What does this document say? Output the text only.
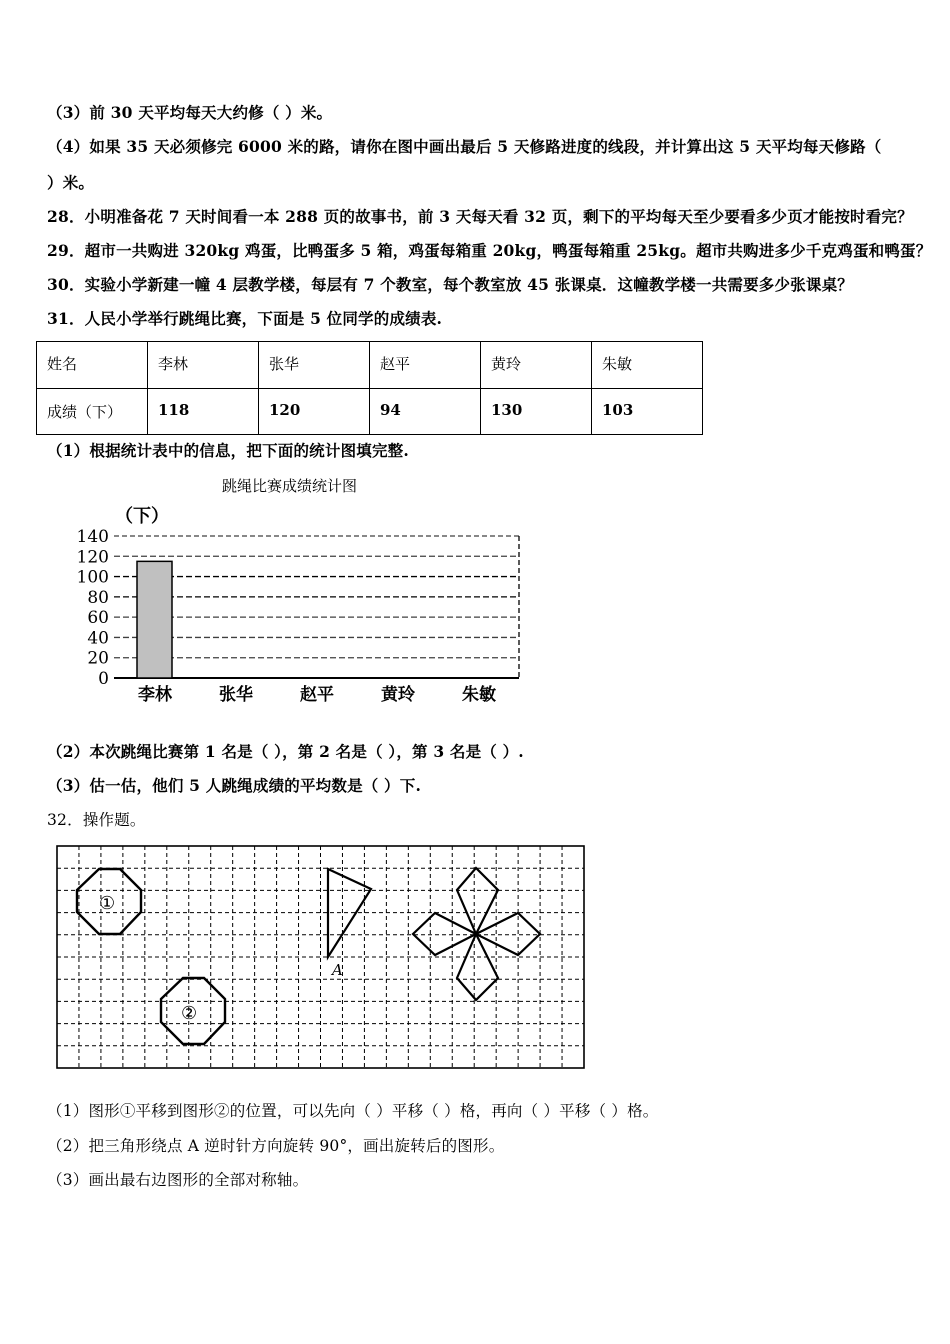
（3）前 30 天平均每天大约修（ ）米。
（4）如果 35 天必须修完 6000 米的路，请你在图中画出最后 5 天修路进度的线段，并计算出这 5 天平均每天修路（
）米。
28．小明准备花 7 天时间看一本 288 页的故事书，前 3 天每天看 32 页，剩下的平均每天至少要看多少页才能按时看完？
29．超市一共购进 320kg 鸡蛋，比鸭蛋多 5 箱，鸡蛋每箱重 20kg，鸭蛋每箱重 25kg。超市共购进多少千克鸡蛋和鸭蛋？
30．实验小学新建一幢 4 层教学楼，每层有 7 个教室，每个教室放 45 张课桌．这幢教学楼一共需要多少张课桌？
31．人民小学举行跳绳比赛，下面是 5 位同学的成绩表.
姓名	李林	张华	赵平	黄玲	朱敏
成绩（下）	118	120	94	130	103
（1）根据统计表中的信息，把下面的统计图填完整.
跳绳比赛成绩统计图
（下）
0
20
40
60
80
100
120
140
李林	张华	赵平	黄玲	朱敏
（2）本次跳绳比赛第 1 名是（ ），第 2 名是（ ），第 3 名是（ ）.
（3）估一估，他们 5 人跳绳成绩的平均数是（ ）下.
32．操作题。
①
②
A
（1）图形①平移到图形②的位置，可以先向（ ）平移（ ）格，再向（ ）平移（ ）格。
（2）把三角形绕点 A 逆时针方向旋转 90°，画出旋转后的图形。
（3）画出最右边图形的全部对称轴。
